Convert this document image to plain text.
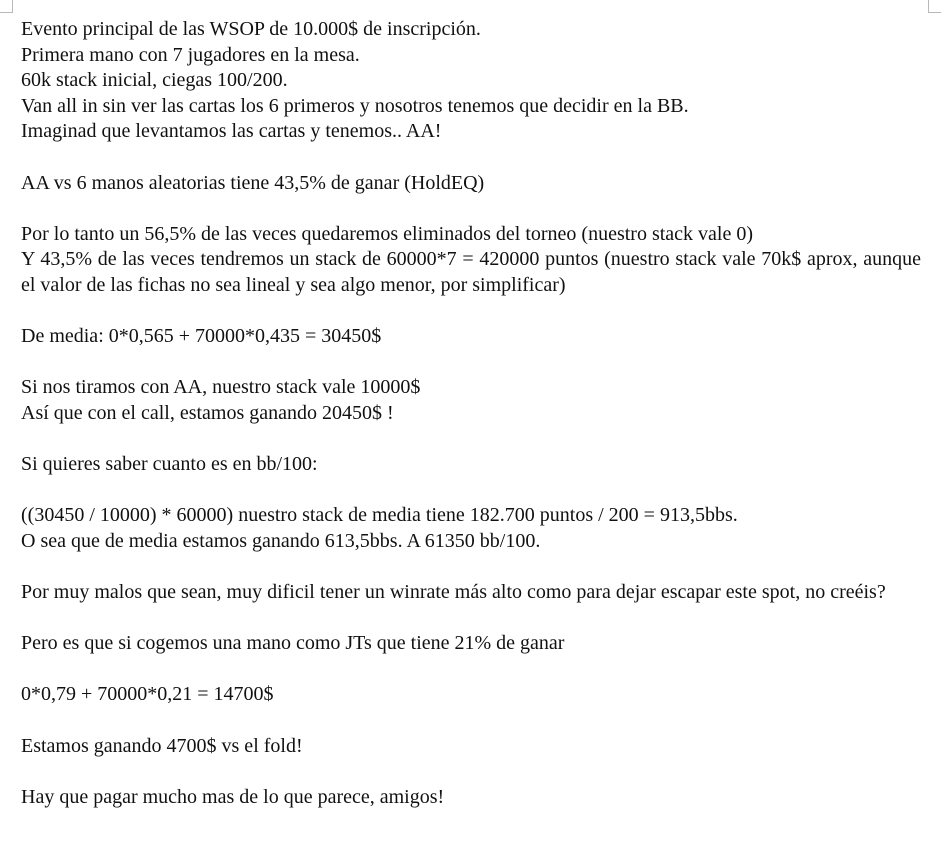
Evento principal de las WSOP de 10.000$ de inscripción.
Primera mano con 7 jugadores en la mesa.
60k stack inicial, ciegas 100/200.
Van all in sin ver las cartas los 6 primeros y nosotros tenemos que decidir en la BB.
Imaginad que levantamos las cartas y tenemos.. AA!

AA vs 6 manos aleatorias tiene 43,5% de ganar (HoldEQ)

Por lo tanto un 56,5% de las veces quedaremos eliminados del torneo (nuestro stack vale 0)
Y 43,5% de las veces tendremos un stack de 60000*7 = 420000 puntos (nuestro stack vale 70k$ aprox, aunque el valor de las fichas no sea lineal y sea algo menor, por simplificar)

De media: 0*0,565 + 70000*0,435 = 30450$

Si nos tiramos con AA, nuestro stack vale 10000$
Así que con el call, estamos ganando 20450$ !

Si quieres saber cuanto es en bb/100:

((30450 / 10000) * 60000) nuestro stack de media tiene 182.700 puntos / 200 = 913,5bbs.
O sea que de media estamos ganando 613,5bbs. A 61350 bb/100.

Por muy malos que sean, muy dificil tener un winrate más alto como para dejar escapar este spot, no creéis?

Pero es que si cogemos una mano como JTs que tiene 21% de ganar

0*0,79 + 70000*0,21 = 14700$

Estamos ganando 4700$ vs el fold!

Hay que pagar mucho mas de lo que parece, amigos!
